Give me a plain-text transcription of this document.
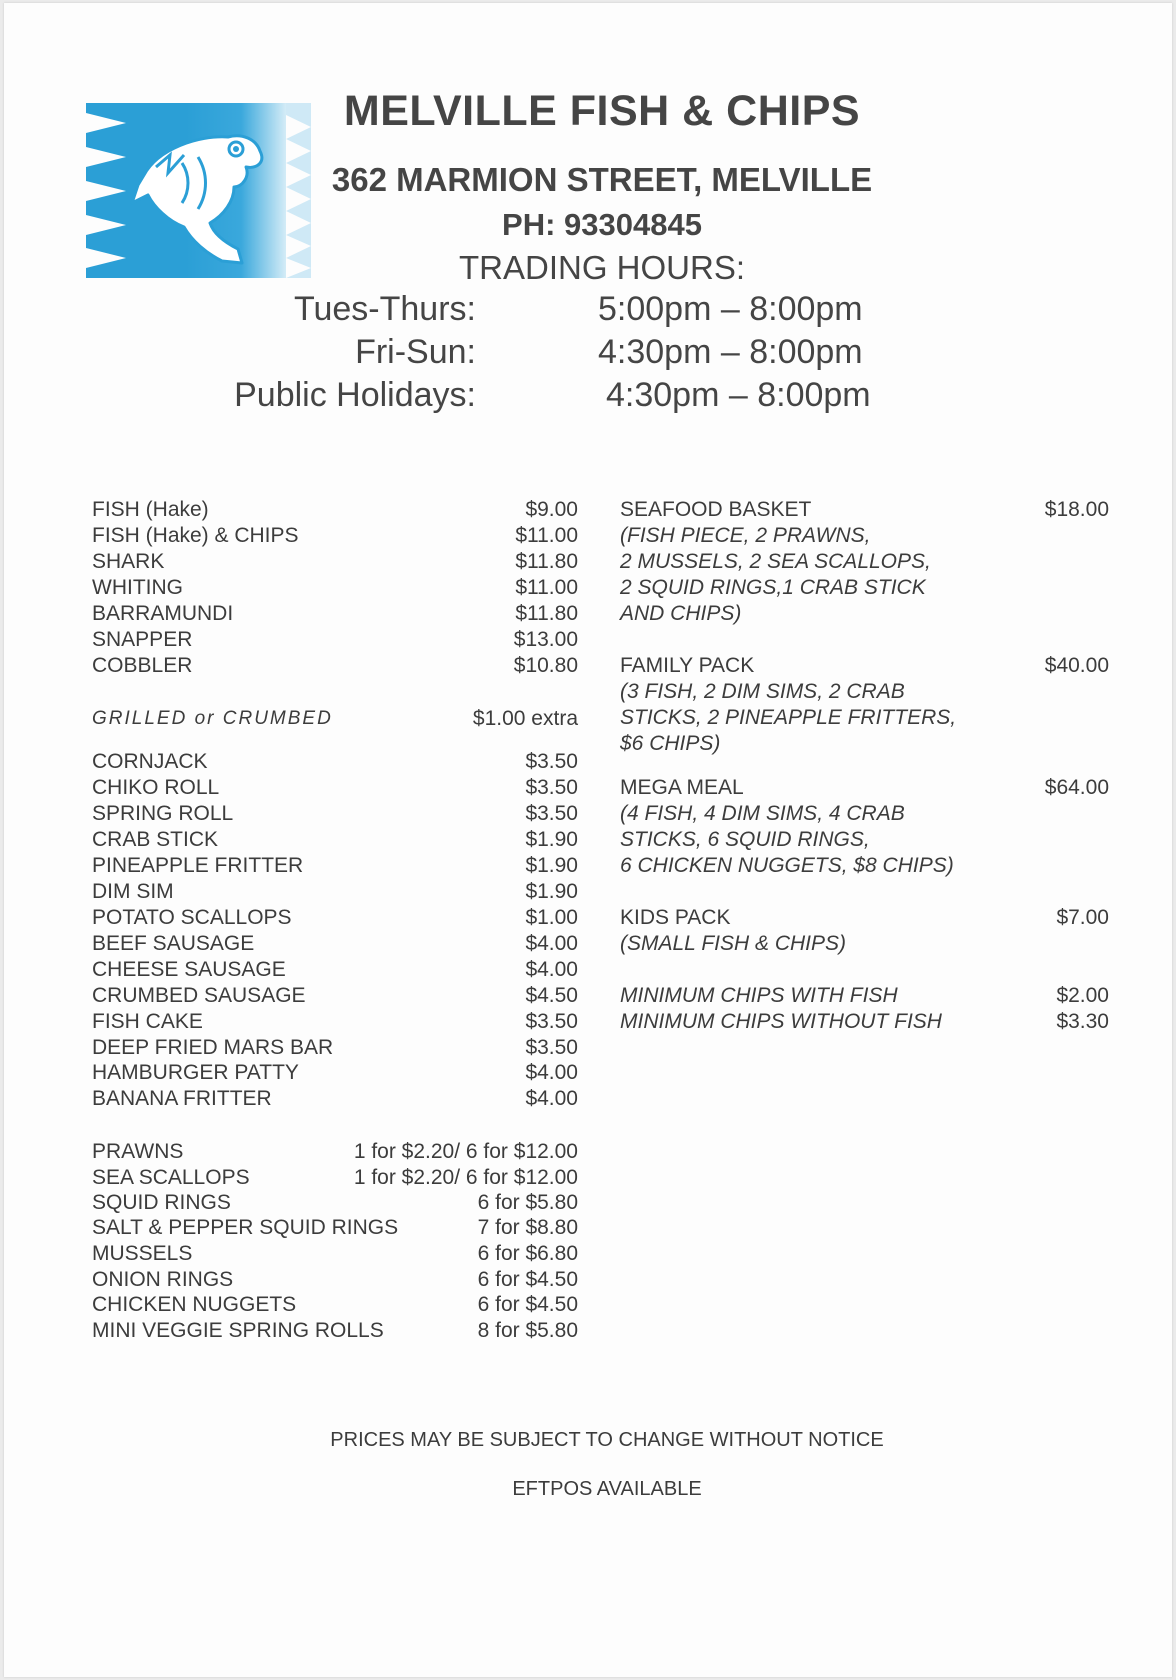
MELVILLE FISH & CHIPS
362 MARMION STREET, MELVILLE
PH: 93304845
TRADING HOURS:
Tues-Thurs:	5:00pm – 8:00pm
Fri-Sun:	4:30pm – 8:00pm
Public Holidays:	4:30pm – 8:00pm
FISH (Hake)	$9.00
FISH (Hake) & CHIPS	$11.00
SHARK	$11.80
WHITING	$11.00
BARRAMUNDI	$11.80
SNAPPER	$13.00
COBBLER	$10.80
GRILLED or CRUMBED	$1.00 extra
CORNJACK	$3.50
CHIKO ROLL	$3.50
SPRING ROLL	$3.50
CRAB STICK	$1.90
PINEAPPLE FRITTER	$1.90
DIM SIM	$1.90
POTATO SCALLOPS	$1.00
BEEF SAUSAGE	$4.00
CHEESE SAUSAGE	$4.00
CRUMBED SAUSAGE	$4.50
FISH CAKE	$3.50
DEEP FRIED MARS BAR	$3.50
HAMBURGER PATTY	$4.00
BANANA FRITTER	$4.00
PRAWNS	1 for $2.20/ 6 for $12.00
SEA SCALLOPS	1 for $2.20/ 6 for $12.00
SQUID RINGS	6 for $5.80
SALT & PEPPER SQUID RINGS	7 for $8.80
MUSSELS	6 for $6.80
ONION RINGS	6 for $4.50
CHICKEN NUGGETS	6 for $4.50
MINI VEGGIE SPRING ROLLS	8 for $5.80
SEAFOOD BASKET	$18.00
(FISH PIECE, 2 PRAWNS,
2 MUSSELS, 2 SEA SCALLOPS,
2 SQUID RINGS,1 CRAB STICK
AND CHIPS)
FAMILY PACK	$40.00
(3 FISH, 2 DIM SIMS, 2 CRAB
STICKS, 2 PINEAPPLE FRITTERS,
$6 CHIPS)
MEGA MEAL	$64.00
(4 FISH, 4 DIM SIMS, 4 CRAB
STICKS, 6 SQUID RINGS,
6 CHICKEN NUGGETS, $8 CHIPS)
KIDS PACK	$7.00
(SMALL FISH & CHIPS)
MINIMUM CHIPS WITH FISH	$2.00
MINIMUM CHIPS WITHOUT FISH	$3.30
PRICES MAY BE SUBJECT TO CHANGE WITHOUT NOTICE
EFTPOS AVAILABLE
